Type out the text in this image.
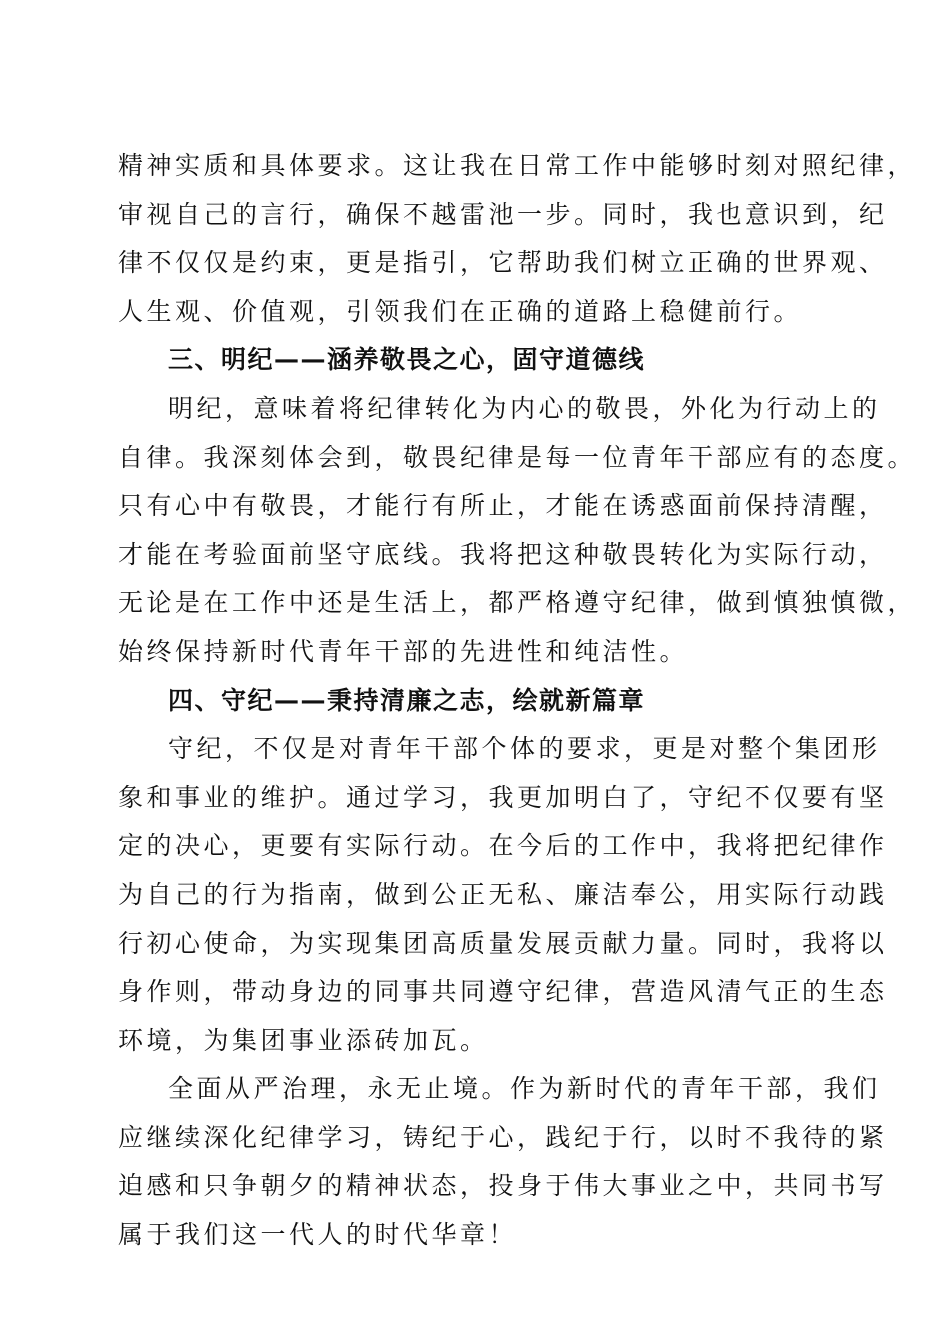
精神实质和具体要求。这让我在日常工作中能够时刻对照纪律，
审视自己的言行，确保不越雷池一步。同时，我也意识到，纪
律不仅仅是约束，更是指引，它帮助我们树立正确的世界观、
人生观、价值观，引领我们在正确的道路上稳健前行。
三、明纪——涵养敬畏之心，固守道德线
明纪，意味着将纪律转化为内心的敬畏，外化为行动上的
自律。我深刻体会到，敬畏纪律是每一位青年干部应有的态度。
只有心中有敬畏，才能行有所止，才能在诱惑面前保持清醒，
才能在考验面前坚守底线。我将把这种敬畏转化为实际行动，
无论是在工作中还是生活上，都严格遵守纪律，做到慎独慎微，
始终保持新时代青年干部的先进性和纯洁性。
四、守纪——秉持清廉之志，绘就新篇章
守纪，不仅是对青年干部个体的要求，更是对整个集团形
象和事业的维护。通过学习，我更加明白了，守纪不仅要有坚
定的决心，更要有实际行动。在今后的工作中，我将把纪律作
为自己的行为指南，做到公正无私、廉洁奉公，用实际行动践
行初心使命，为实现集团高质量发展贡献力量。同时，我将以
身作则，带动身边的同事共同遵守纪律，营造风清气正的生态
环境，为集团事业添砖加瓦。
全面从严治理，永无止境。作为新时代的青年干部，我们
应继续深化纪律学习，铸纪于心，践纪于行，以时不我待的紧
迫感和只争朝夕的精神状态，投身于伟大事业之中，共同书写
属于我们这一代人的时代华章！
